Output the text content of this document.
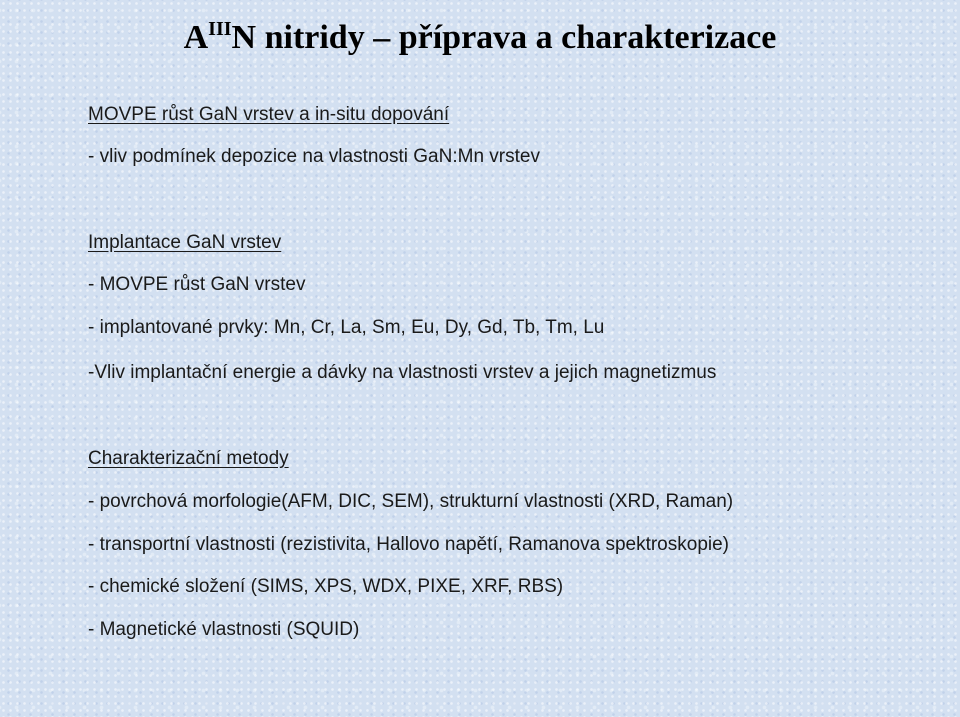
$A^{III}N$ nitridy – příprava a charakterizace

MOVPE růst GaN vrstev a in-situ dopování

- vliv podmínek depozice na vlastnosti GaN:Mn vrstev

Implantace GaN vrstev

- MOVPE růst GaN vrstev

- implantované prvky: Mn, Cr, La, Sm, Eu, Dy, Gd, Tb, Tm, Lu

-Vliv implantační energie a dávky na vlastnosti vrstev a jejich magnetizmus

Charakterizační metody

- povrchová morfologie(AFM, DIC, SEM), strukturní vlastnosti (XRD, Raman)

- transportní vlastnosti (rezistivita, Hallovo napětí, Ramanova spektroskopie)

- chemické složení (SIMS, XPS, WDX, PIXE, XRF, RBS)

- Magnetické vlastnosti (SQUID)
